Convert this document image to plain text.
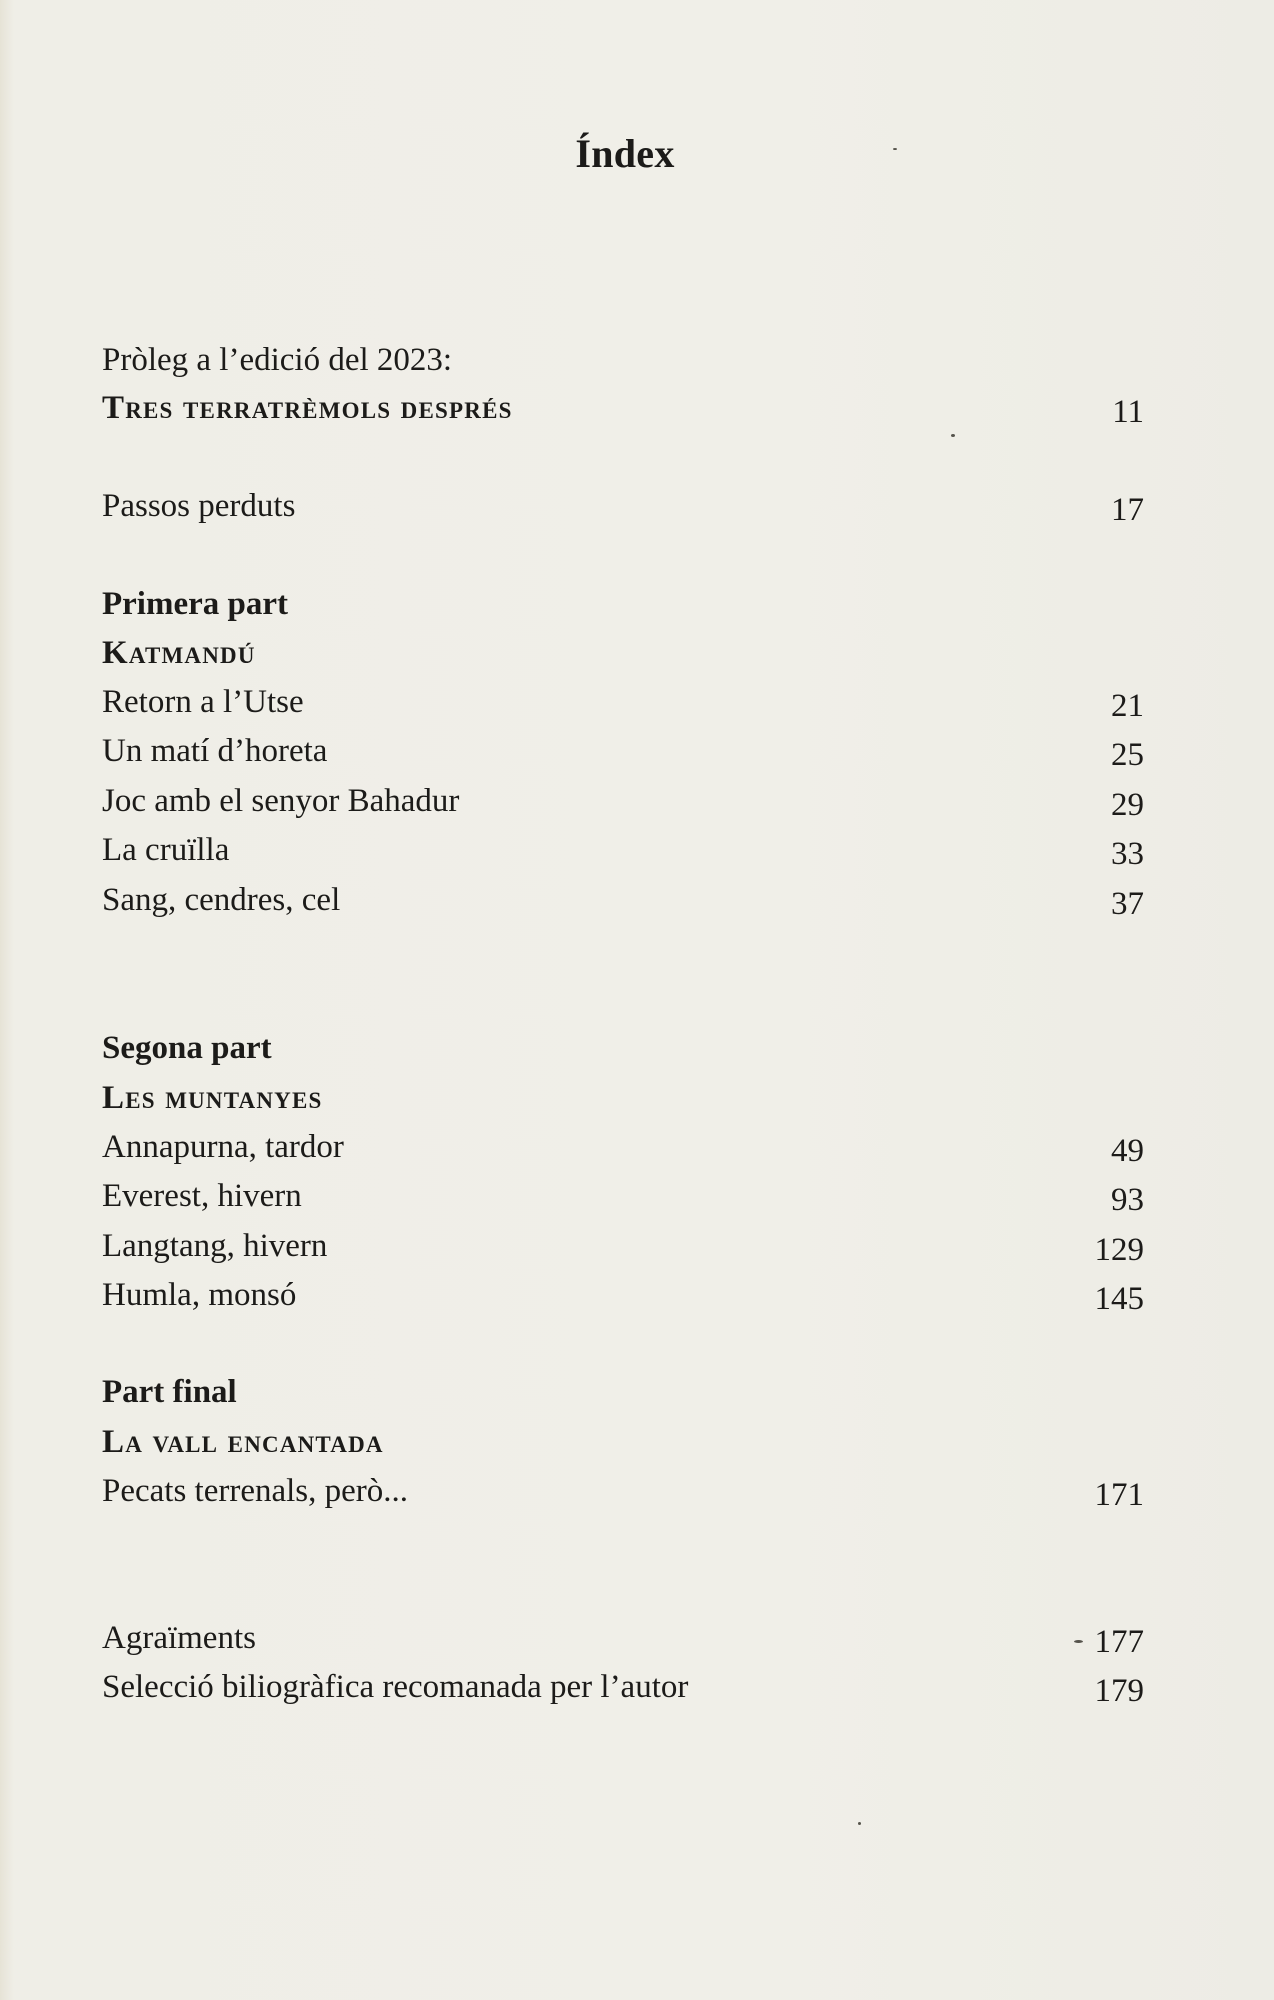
Índex
Pròleg a l’edició del 2023:
Tres terratrèmols després	11
Passos perduts	17
Primera part
Katmandú
Retorn a l’Utse	21
Un matí d’horeta	25
Joc amb el senyor Bahadur	29
La cruïlla	33
Sang, cendres, cel	37
Segona part
Les muntanyes
Annapurna, tardor	49
Everest, hivern	93
Langtang, hivern	129
Humla, monsó	145
Part final
La vall encantada
Pecats terrenals, però...	171
Agraïments	177
Selecció biliogràfica recomanada per l’autor	179
